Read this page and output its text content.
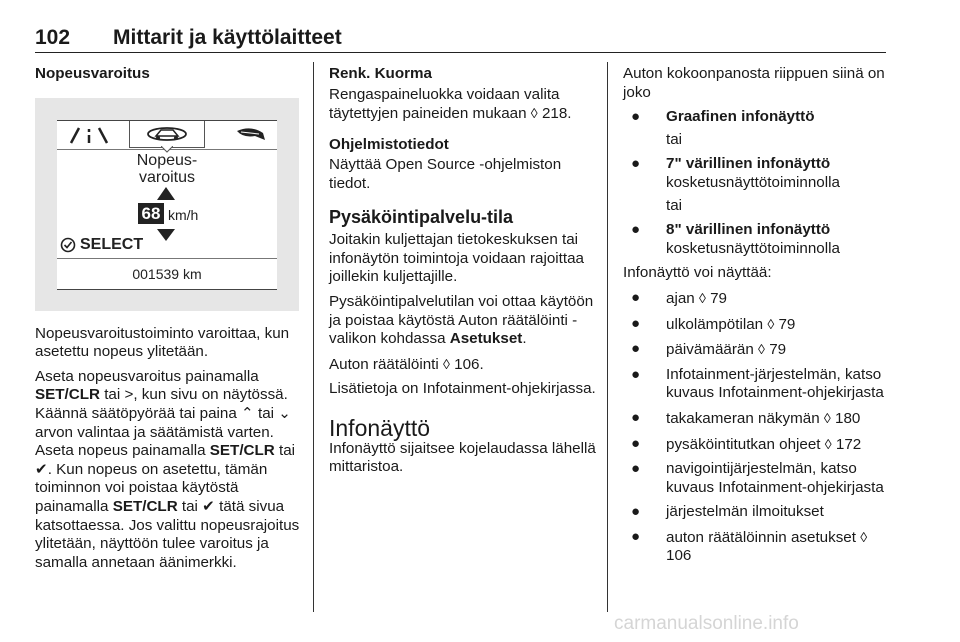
102 Mittarit ja käyttölaitteet
Nopeusvaroitus
Nopeus-
varoitus
68 km/h
SELECT
001539 km

Nopeusvaroitustoiminto varoittaa, kun asetettu nopeus ylitetään.

Aseta nopeusvaroitus painamalla SET/CLR tai >, kun sivu on näytössä. Käännä säätöpyörää tai paina ⌃ tai ⌄ arvon valintaa ja säätämistä varten. Aseta nopeus painamalla SET/CLR tai ✔. Kun nopeus on asetettu, tämän toiminnon voi poistaa käytöstä painamalla SET/CLR tai ✔ tätä sivua katsottaessa. Jos valittu nopeusrajoitus ylitetään, näyttöön tulee varoitus ja samalla annetaan äänimerkki.

Renk. Kuorma

Rengaspaineluokka voidaan valita täytettyjen paineiden mukaan ◊ 218.

Ohjelmistotiedot

Näyttää Open Source -ohjelmiston tiedot.

Pysäköintipalvelu-tila

Joitakin kuljettajan tietokeskuksen tai infonäytön toimintoja voidaan rajoittaa joillekin kuljettajille.

Pysäköintipalvelutilan voi ottaa käytöön ja poistaa käytöstä Auton räätälöinti -valikon kohdassa Asetukset.

Auton räätälöinti ◊ 106.

Lisätietoja on Infotainment-ohjekirjassa.

Infonäyttö

Infonäyttö sijaitsee kojelaudassa lähellä mittaristoa.

Auton kokoonpanosta riippuen siinä on joko

● Graafinen infonäyttö
tai
● 7" värillinen infonäyttö kosketusnäyttötoiminnolla
tai
● 8" värillinen infonäyttö kosketusnäyttötoiminnolla

Infonäyttö voi näyttää:

● ajan ◊ 79
● ulkolämpötilan ◊ 79
● päivämäärän ◊ 79
● Infotainment-järjestelmän, katso kuvaus Infotainment-ohjekirjasta
● takakameran näkymän ◊ 180
● pysäköintitutkan ohjeet ◊ 172
● navigointijärjestelmän, katso kuvaus Infotainment-ohjekirjasta
● järjestelmän ilmoitukset
● auton räätälöinnin asetukset ◊ 106
carmanualsonline.info
